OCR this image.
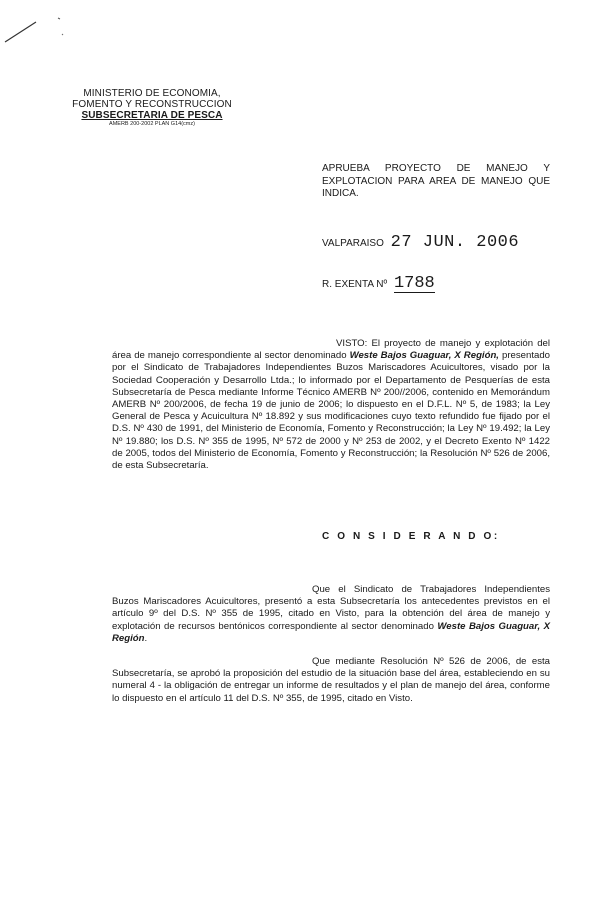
MINISTERIO DE ECONOMIA,
FOMENTO Y RECONSTRUCCION
SUBSECRETARIA DE PESCA
AMERB 200-2002 PLAN G14(cmz)
APRUEBA PROYECTO DE MANEJO Y EXPLOTACION PARA AREA DE MANEJO QUE INDICA.
VALPARAISO 27 JUN. 2006
R. EXENTA Nº 1788
VISTO: El proyecto de manejo y explotación del área de manejo correspondiente al sector denominado Weste Bajos Guaguar, X Región, presentado por el Sindicato de Trabajadores Independientes Buzos Mariscadores Acuicultores, visado por la Sociedad Cooperación y Desarrollo Ltda.; lo informado por el Departamento de Pesquerías de esta Subsecretaría de Pesca mediante Informe Técnico AMERB Nº 200//2006, contenido en Memorándum AMERB Nº 200/2006, de fecha 19 de junio de 2006; lo dispuesto en el D.F.L. Nº 5, de 1983; la Ley General de Pesca y Acuicultura Nº 18.892 y sus modificaciones cuyo texto refundido fue fijado por el D.S. Nº 430 de 1991, del Ministerio de Economía, Fomento y Reconstrucción; la Ley Nº 19.492; la Ley Nº 19.880; los D.S. Nº 355 de 1995, Nº 572 de 2000 y Nº 253 de 2002, y el Decreto Exento Nº 1422 de 2005, todos del Ministerio de Economía, Fomento y Reconstrucción; la Resolución Nº 526 de 2006, de esta Subsecretaría.
C O N S I D E R A N D O:
Que el Sindicato de Trabajadores Independientes Buzos Mariscadores Acuicultores, presentó a esta Subsecretaría los antecedentes previstos en el artículo 9º del D.S. Nº 355 de 1995, citado en Visto, para la obtención del área de manejo y explotación de recursos bentónicos correspondiente al sector denominado Weste Bajos Guaguar, X Región.
Que mediante Resolución Nº 526 de 2006, de esta Subsecretaría, se aprobó la proposición del estudio de la situación base del área, estableciendo en su numeral 4 - la obligación de entregar un informe de resultados y el plan de manejo del área, conforme lo dispuesto en el artículo 11 del D.S. Nº 355, de 1995, citado en Visto.
